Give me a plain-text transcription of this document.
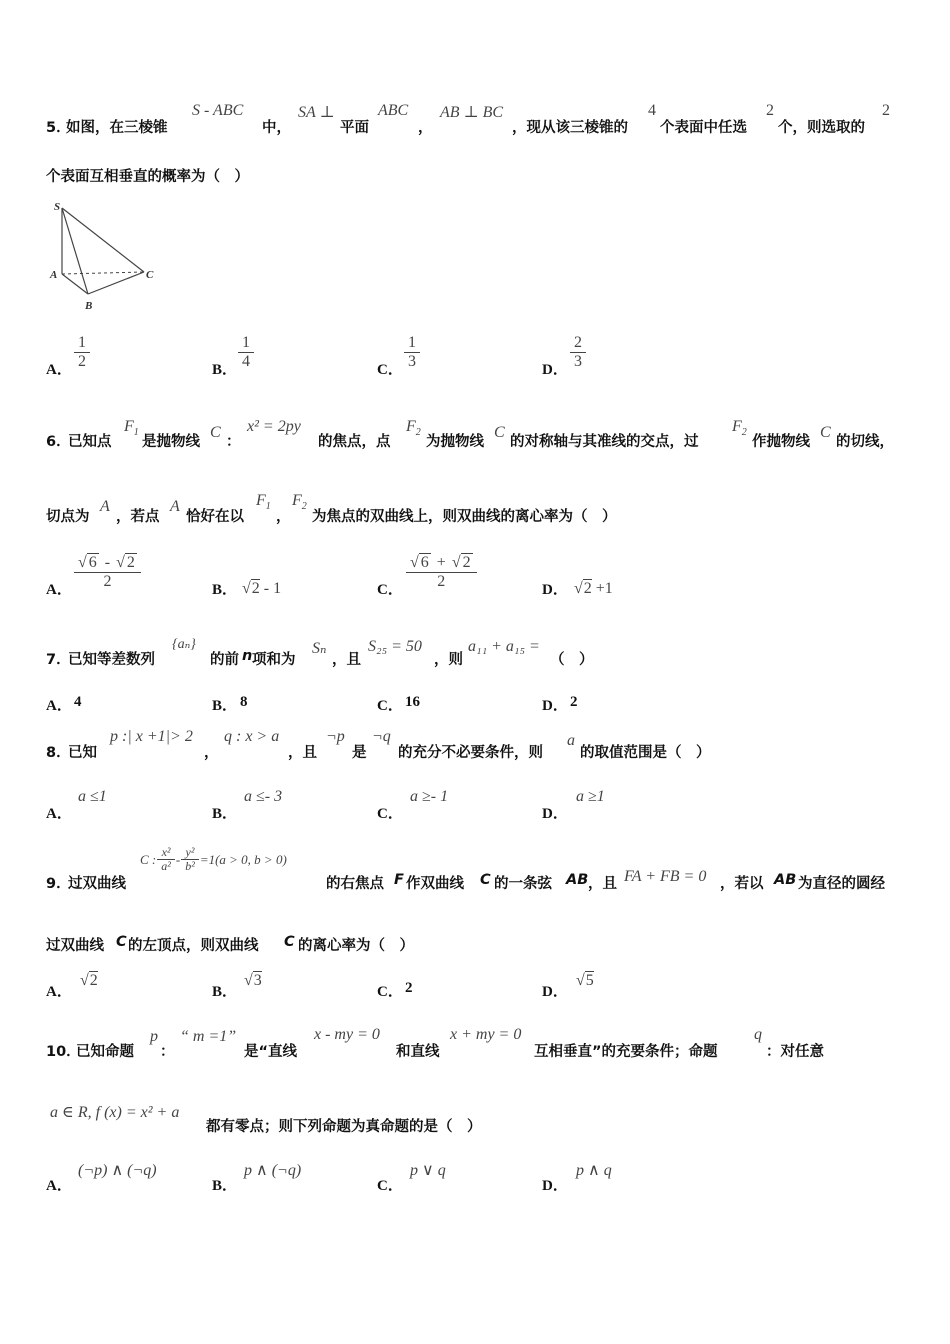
5．
如图，在三棱锥
S - ABC
中，
SA ⊥
平面
ABC
，
AB ⊥ BC
，现从该三棱锥的
4
个表面中任选
2
个，则选取的
2
个表面互相垂直的概率为（　）
S
A
B
C
A．
1
2
B．
1
4
C．
1
3
D．
2
3
6．
已知点
$F_1$
是抛物线
C
：
x² = 2py
的焦点，点
$F_2$
为抛物线
C
的对称轴与其准线的交点，过
$F_2$
作抛物线
C
的切线，
切点为
A
，若点
A
恰好在以
$F_1$
，
$F_2$
为焦点的双曲线上，则双曲线的离心率为（　）
A．
√ 6 - √ 2
2
B． √2 - 1	C．
√ 6 + √ 2
2
D． √2 +1
7．
已知等差数列
{aₙ}
的前 n 项和为
Sₙ
，且
S₂₅ = 50
，则
a₁₁ + a₁₅ =
（　）
A． 4	B． 8	C． 16	D． 2
8．
已知
p :| x +1|> 2
，
q : x > a
，且
¬p
是
¬q
的充分不必要条件，则
a
的取值范围是（　）
A．
a ≤1
B．
a ≤- 3
C．
a ≥- 1
D．
a ≥1
9．
过双曲线
C : $\frac{\text{x²}}{\text{a²}} - \frac{\text{y²}}{\text{b²}} =1(a > 0$, b > 0)
的右焦点 F 作双曲线 C 的一条弦 AB ，且 FA + FB = 0 ，若以 AB 为直径的圆经
过双曲线 C 的左顶点，则双曲线 C 的离心率为（　）
A．
√2
B．
√3
C． 2	D．
√5
10．
已知命题
p
：
“ m =1”
是“直线
x - my = 0
和直线
x + my = 0
互相垂直”的充要条件；命题
q
：对任意
a ∈ R, f (x) = x² + a
都有零点；则下列命题为真命题的是（　）
A．
(¬p) ∧ (¬q)
B．
p ∧ (¬q)
C．
p ∨ q
D．
p ∧ q
